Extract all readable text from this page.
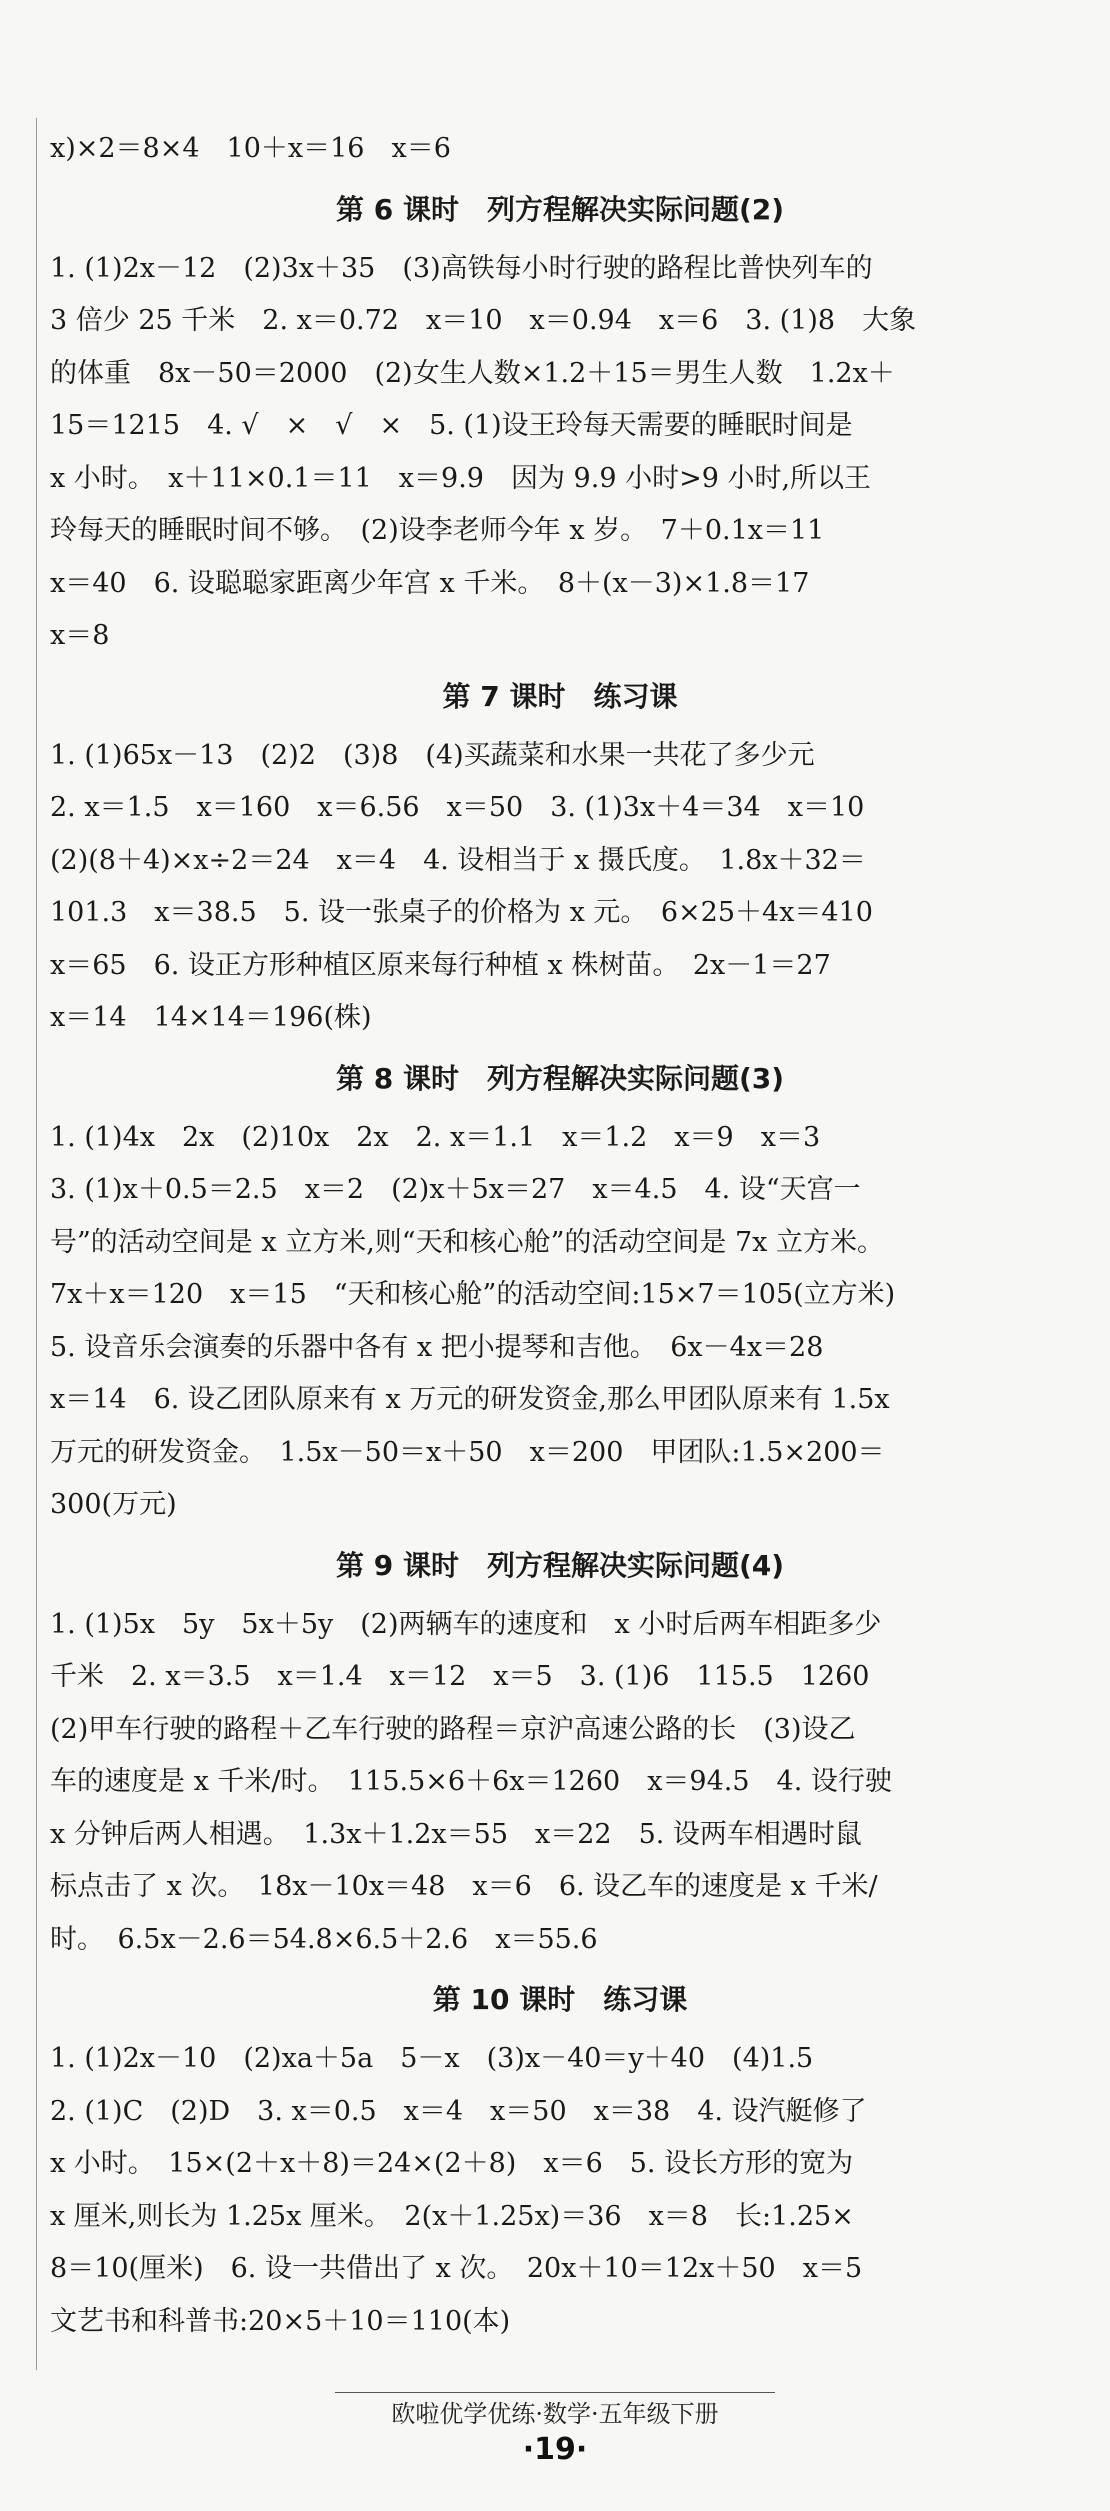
x)×2＝8×4　10＋x＝16　x＝6

第 6 课时　列方程解决实际问题(2)

1. (1)2x－12　(2)3x＋35　(3)高铁每小时行驶的路程比普快列车的

3 倍少 25 千米　2. x＝0.72　x＝10　x＝0.94　x＝6　3. (1)8　大象

的体重　8x－50＝2000　(2)女生人数×1.2＋15＝男生人数　1.2x＋

15＝1215　4. √　×　√　×　5. (1)设王玲每天需要的睡眠时间是

x 小时。　x＋11×0.1＝11　x＝9.9　因为 9.9 小时>9 小时,所以王

玲每天的睡眠时间不够。　(2)设李老师今年 x 岁。　7＋0.1x＝11

x＝40　6. 设聪聪家距离少年宫 x 千米。　8＋(x－3)×1.8＝17

x＝8

第 7 课时　练习课

1. (1)65x－13　(2)2　(3)8　(4)买蔬菜和水果一共花了多少元

2. x＝1.5　x＝160　x＝6.56　x＝50　3. (1)3x＋4＝34　x＝10

(2)(8＋4)×x÷2＝24　x＝4　4. 设相当于 x 摄氏度。　1.8x＋32＝

101.3　x＝38.5　5. 设一张桌子的价格为 x 元。　6×25＋4x＝410

x＝65　6. 设正方形种植区原来每行种植 x 株树苗。　2x－1＝27

x＝14　14×14＝196(株)

第 8 课时　列方程解决实际问题(3)

1. (1)4x　2x　(2)10x　2x　2. x＝1.1　x＝1.2　x＝9　x＝3

3. (1)x＋0.5＝2.5　x＝2　(2)x＋5x＝27　x＝4.5　4. 设“天宫一

号”的活动空间是 x 立方米,则“天和核心舱”的活动空间是 7x 立方米。

7x＋x＝120　x＝15　“天和核心舱”的活动空间:15×7＝105(立方米)

5. 设音乐会演奏的乐器中各有 x 把小提琴和吉他。　6x－4x＝28

x＝14　6. 设乙团队原来有 x 万元的研发资金,那么甲团队原来有 1.5x

万元的研发资金。　1.5x－50＝x＋50　x＝200　甲团队:1.5×200＝

300(万元)

第 9 课时　列方程解决实际问题(4)

1. (1)5x　5y　5x＋5y　(2)两辆车的速度和　x 小时后两车相距多少

千米　2. x＝3.5　x＝1.4　x＝12　x＝5　3. (1)6　115.5　1260

(2)甲车行驶的路程＋乙车行驶的路程＝京沪高速公路的长　(3)设乙

车的速度是 x 千米/时。　115.5×6＋6x＝1260　x＝94.5　4. 设行驶

x 分钟后两人相遇。　1.3x＋1.2x＝55　x＝22　5. 设两车相遇时鼠

标点击了 x 次。　18x－10x＝48　x＝6　6. 设乙车的速度是 x 千米/

时。　6.5x－2.6＝54.8×6.5＋2.6　x＝55.6

第 10 课时　练习课

1. (1)2x－10　(2)xa＋5a　5－x　(3)x－40＝y＋40　(4)1.5

2. (1)C　(2)D　3. x＝0.5　x＝4　x＝50　x＝38　4. 设汽艇修了

x 小时。　15×(2＋x＋8)＝24×(2＋8)　x＝6　5. 设长方形的宽为

x 厘米,则长为 1.25x 厘米。　2(x＋1.25x)＝36　x＝8　长:1.25×

8＝10(厘米)　6. 设一共借出了 x 次。　20x＋10＝12x＋50　x＝5

文艺书和科普书:20×5＋10＝110(本)

欧啦优学优练·数学·五年级下册
·19·
